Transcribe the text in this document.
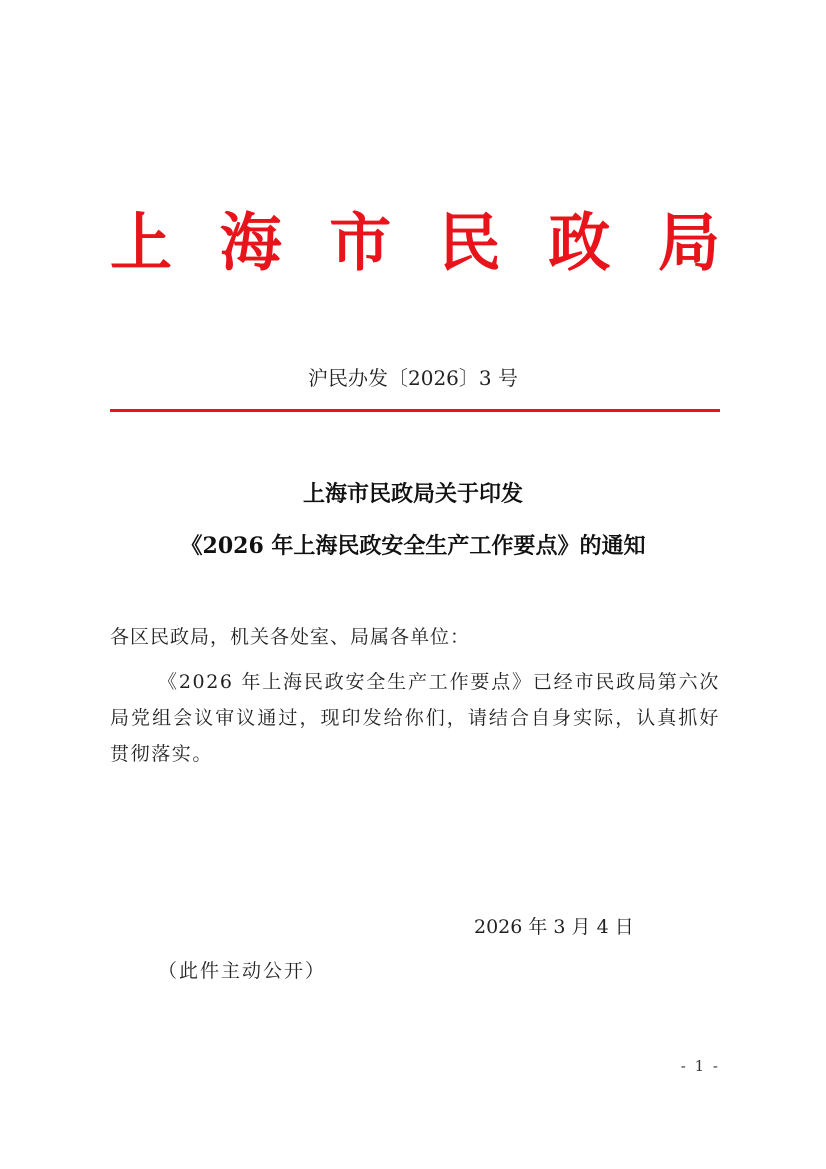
上 海 市 民 政 局
沪民办发〔2026〕3 号
上海市民政局关于印发
《2026 年上海民政安全生产工作要点》的通知
各区民政局，机关各处室、局属各单位：
《2026 年上海民政安全生产工作要点》已经市民政局第六次局党组会议审议通过，现印发给你们，请结合自身实际，认真抓好贯彻落实。
2026 年 3 月 4 日
（此件主动公开）
- 1 -
